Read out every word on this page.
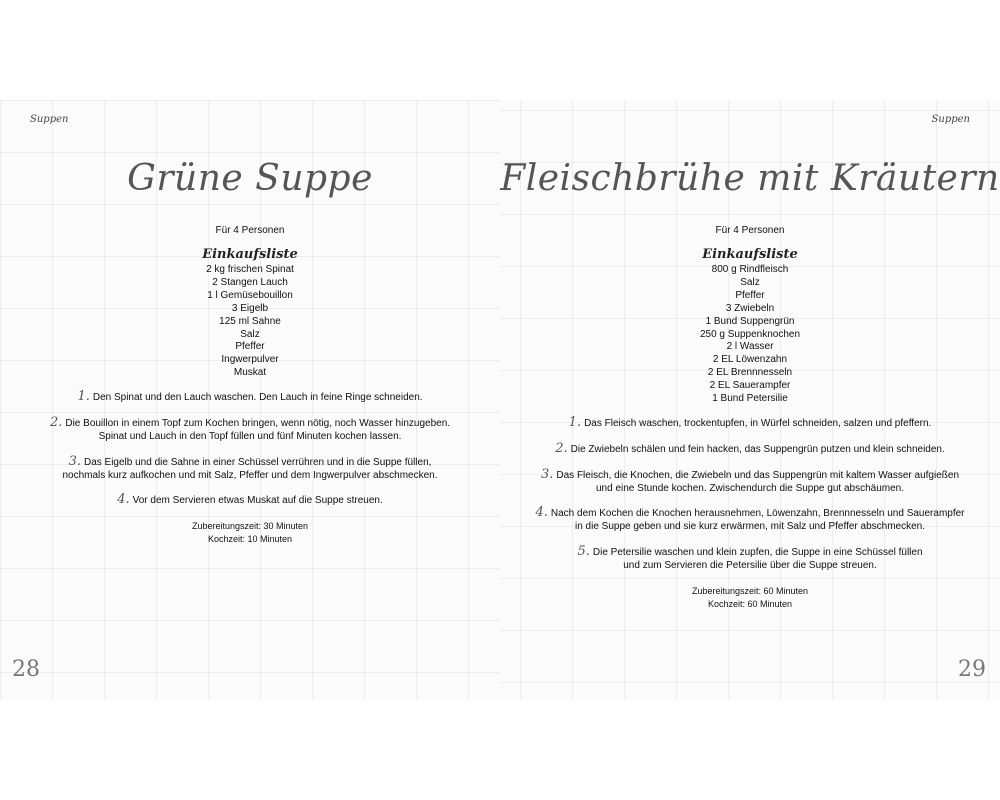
Suppen
Grüne Suppe
Für 4 Personen
Einkaufsliste
2 kg frischen Spinat
2 Stangen Lauch
1 l Gemüsebouillon
3 Eigelb
125 ml Sahne
Salz
Pfeffer
Ingwerpulver
Muskat
1. Den Spinat und den Lauch waschen. Den Lauch in feine Ringe schneiden.
2. Die Bouillon in einem Topf zum Kochen bringen, wenn nötig, noch Wasser hinzugeben.
Spinat und Lauch in den Topf füllen und fünf Minuten kochen lassen.
3. Das Eigelb und die Sahne in einer Schüssel verrühren und in die Suppe füllen,
nochmals kurz aufkochen und mit Salz, Pfeffer und dem Ingwerpulver abschmecken.
4. Vor dem Servieren etwas Muskat auf die Suppe streuen.
Zubereitungszeit: 30 Minuten
Kochzeit: 10 Minuten
28
Suppen
Fleischbrühe mit Kräutern
Für 4 Personen
Einkaufsliste
800 g Rindfleisch
Salz
Pfeffer
3 Zwiebeln
1 Bund Suppengrün
250 g Suppenknochen
2 l Wasser
2 EL Löwenzahn
2 EL Brennnesseln
2 EL Sauerampfer
1 Bund Petersilie
1. Das Fleisch waschen, trockentupfen, in Würfel schneiden, salzen und pfeffern.
2. Die Zwiebeln schälen und fein hacken, das Suppengrün putzen und klein schneiden.
3. Das Fleisch, die Knochen, die Zwiebeln und das Suppengrün mit kaltem Wasser aufgießen
und eine Stunde kochen. Zwischendurch die Suppe gut abschäumen.
4. Nach dem Kochen die Knochen herausnehmen, Löwenzahn, Brennnesseln und Sauerampfer
in die Suppe geben und sie kurz erwärmen, mit Salz und Pfeffer abschmecken.
5. Die Petersilie waschen und klein zupfen, die Suppe in eine Schüssel füllen
und zum Servieren die Petersilie über die Suppe streuen.
Zubereitungszeit: 60 Minuten
Kochzeit: 60 Minuten
29
